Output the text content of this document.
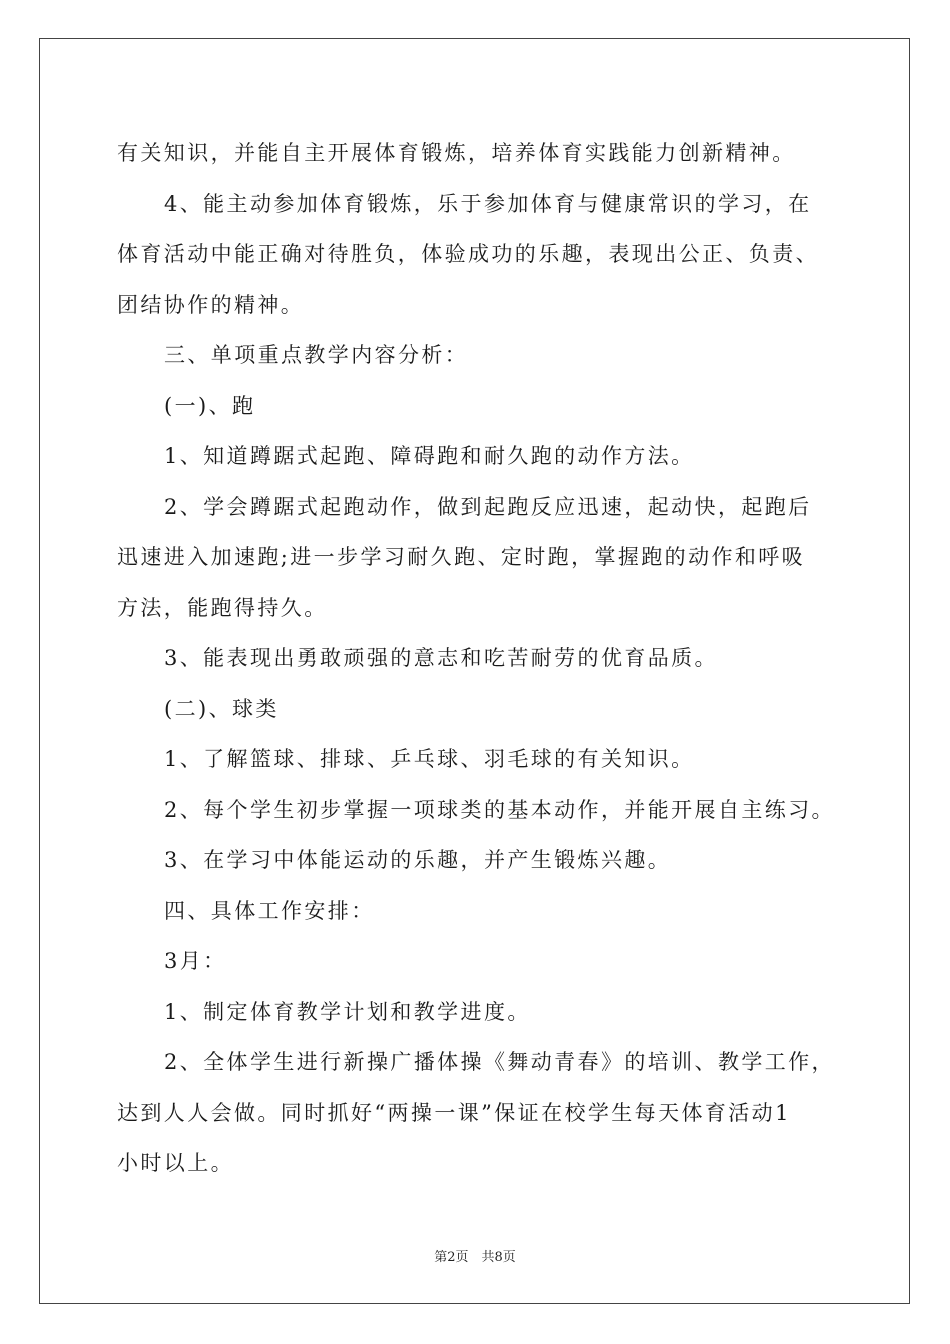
有关知识，并能自主开展体育锻炼，培养体育实践能力创新精神。

4、能主动参加体育锻炼，乐于参加体育与健康常识的学习，在

体育活动中能正确对待胜负，体验成功的乐趣，表现出公正、负责、

团结协作的精神。

三、单项重点教学内容分析：

(一)、跑

1、知道蹲踞式起跑、障碍跑和耐久跑的动作方法。

2、学会蹲踞式起跑动作，做到起跑反应迅速，起动快，起跑后

迅速进入加速跑;进一步学习耐久跑、定时跑，掌握跑的动作和呼吸

方法，能跑得持久。

3、能表现出勇敢顽强的意志和吃苦耐劳的优育品质。

(二)、球类

1、了解篮球、排球、乒乓球、羽毛球的有关知识。

2、每个学生初步掌握一项球类的基本动作，并能开展自主练习。

3、在学习中体能运动的乐趣，并产生锻炼兴趣。

四、具体工作安排：

3月：

1、制定体育教学计划和教学进度。

2、全体学生进行新操广播体操《舞动青春》的培训、教学工作，

达到人人会做。同时抓好“两操一课”保证在校学生每天体育活动1

小时以上。

第2页　共8页
